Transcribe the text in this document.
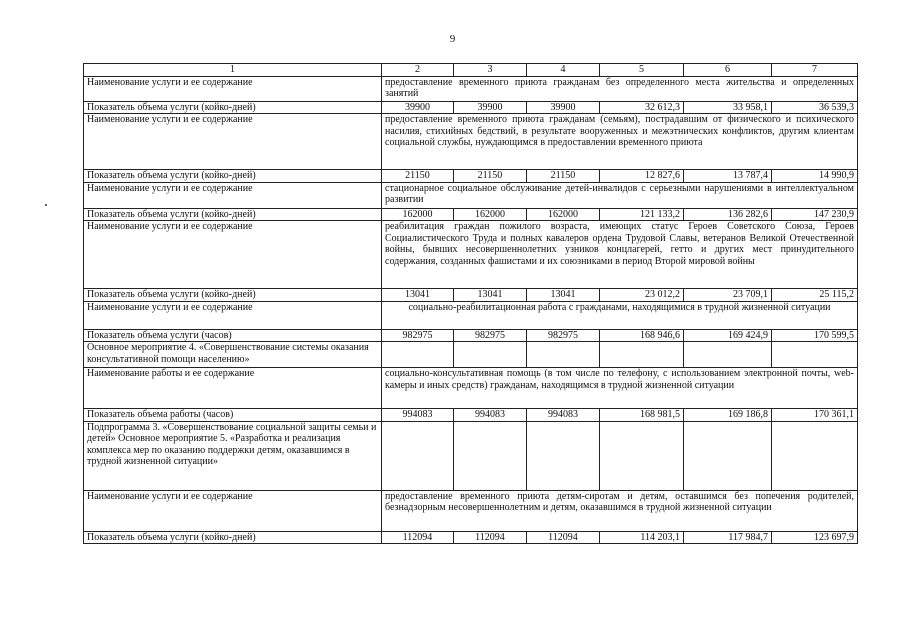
9
1	2	3	4	5	6	7
Наименование услуги и ее содержание	предоставление временного приюта гражданам без определенного места жительства и определенных занятий					
Показатель объема услуги (койко-дней)	39900	39900	39900	32 612,3	33 958,1	36 539,3
Наименование услуги и ее содержание	предоставление временного приюта гражданам (семьям), пострадавшим от физического и психического насилия, стихийных бедствий, в результате вооруженных и межэтнических конфликтов, другим клиентам социальной службы, нуждающимся в предоставлении временного приюта					
Показатель объема услуги (койко-дней)	21150	21150	21150	12 827,6	13 787,4	14 990,9
Наименование услуги и ее содержание	стационарное социальное обслуживание детей-инвалидов с серьезными нарушениями в интеллектуальном развитии					
Показатель объема услуги (койко-дней)	162000	162000	162000	121 133,2	136 282,6	147 230,9
Наименование услуги и ее содержание	реабилитация граждан пожилого возраста, имеющих статус Героев Советского Союза, Героев Социалистического Труда и полных кавалеров ордена Трудовой Славы, ветеранов Великой Отечественной войны, бывших несовершеннолетних узников концлагерей, гетто и других мест принудительного содержания, созданных фашистами и их союзниками в период Второй мировой войны					
Показатель объема услуги (койко-дней)	13041	13041	13041	23 012,2	23 709,1	25 115,2
Наименование услуги и ее содержание	социально-реабилитационная работа с гражданами, находящимися в трудной жизненной ситуации					
Показатель объема услуги (часов)	982975	982975	982975	168 946,6	169 424,9	170 599,5
Основное мероприятие 4. «Совершенствование системы оказания консультативной помощи населению»						
Наименование работы и ее содержание	социально-консультативная помощь (в том числе по телефону, с использованием электронной почты, web-камеры и иных средств) гражданам, находящимся в трудной жизненной ситуации					
Показатель объема работы (часов)	994083	994083	994083	168 981,5	169 186,8	170 361,1
Подпрограмма 3. «Совершенствование социальной защиты семьи и детей» Основное мероприятие 5. «Разработка и реализация комплекса мер по оказанию поддержки детям, оказавшимся в трудной жизненной ситуации»						
Наименование услуги и ее содержание	предоставление временного приюта детям-сиротам и детям, оставшимся без попечения родителей, безнадзорным несовершеннолетним и детям, оказавшимся в трудной жизненной ситуации					
Показатель объема услуги (койко-дней)	112094	112094	112094	114 203,1	117 984,7	123 697,9
